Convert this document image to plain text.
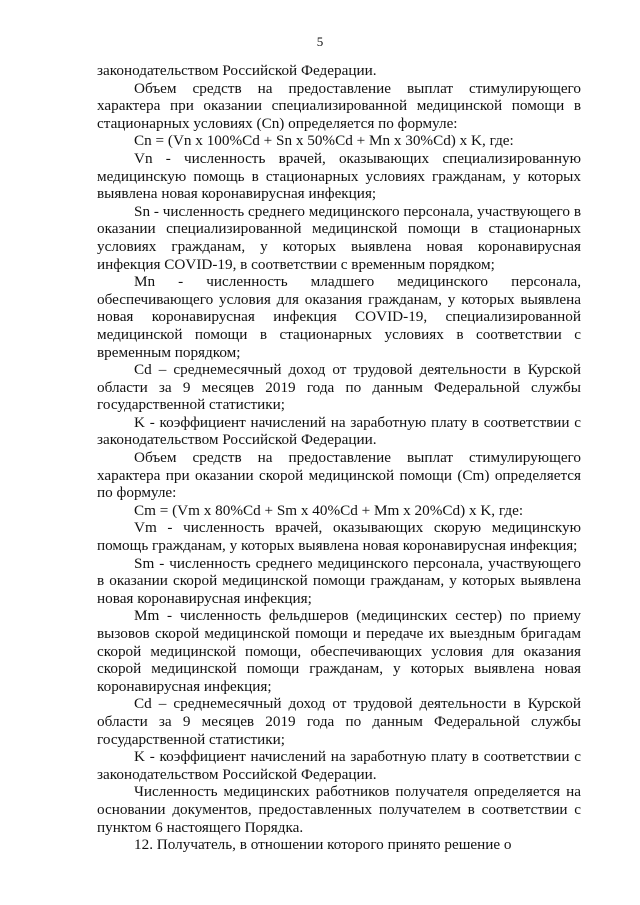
5

законодательством Российской Федерации.

Объем средств на предоставление выплат стимулирующего характера при оказании специализированной медицинской помощи в стационарных условиях (Cn) определяется по формуле:

Cn = (Vn x 100%Cd + Sn x 50%Cd + Mn x 30%Cd) x K, где:

Vn - численность врачей, оказывающих специализированную медицинскую помощь в стационарных условиях гражданам, у которых выявлена новая коронавирусная инфекция;

Sn - численность среднего медицинского персонала, участвующего в оказании специализированной медицинской помощи в стационарных условиях гражданам, у которых выявлена новая коронавирусная инфекция COVID-19, в соответствии с временным порядком;

Mn - численность младшего медицинского персонала, обеспечивающего условия для оказания гражданам, у которых выявлена новая коронавирусная инфекция COVID-19, специализированной медицинской помощи в стационарных условиях в соответствии с временным порядком;

Cd – среднемесячный доход от трудовой деятельности в Курской области за 9 месяцев 2019 года по данным Федеральной службы государственной статистики;

K - коэффициент начислений на заработную плату в соответствии с законодательством Российской Федерации.

Объем средств на предоставление выплат стимулирующего характера при оказании скорой медицинской помощи (Cm) определяется по формуле:

Cm = (Vm x 80%Cd + Sm x 40%Cd + Mm x 20%Cd) x K, где:

Vm - численность врачей, оказывающих скорую медицинскую помощь гражданам, у которых выявлена новая коронавирусная инфекция;

Sm - численность среднего медицинского персонала, участвующего в оказании скорой медицинской помощи гражданам, у которых выявлена новая коронавирусная инфекция;

Mm - численность фельдшеров (медицинских сестер) по приему вызовов скорой медицинской помощи и передаче их выездным бригадам скорой медицинской помощи, обеспечивающих условия для оказания скорой медицинской помощи гражданам, у которых выявлена новая коронавирусная инфекция;

Cd – среднемесячный доход от трудовой деятельности в Курской области за 9 месяцев 2019 года по данным Федеральной службы государственной статистики;

K - коэффициент начислений на заработную плату в соответствии с законодательством Российской Федерации.

Численность медицинских работников получателя определяется на основании документов, предоставленных получателем в соответствии с пунктом 6 настоящего Порядка.

12. Получатель, в отношении которого принято решение о
